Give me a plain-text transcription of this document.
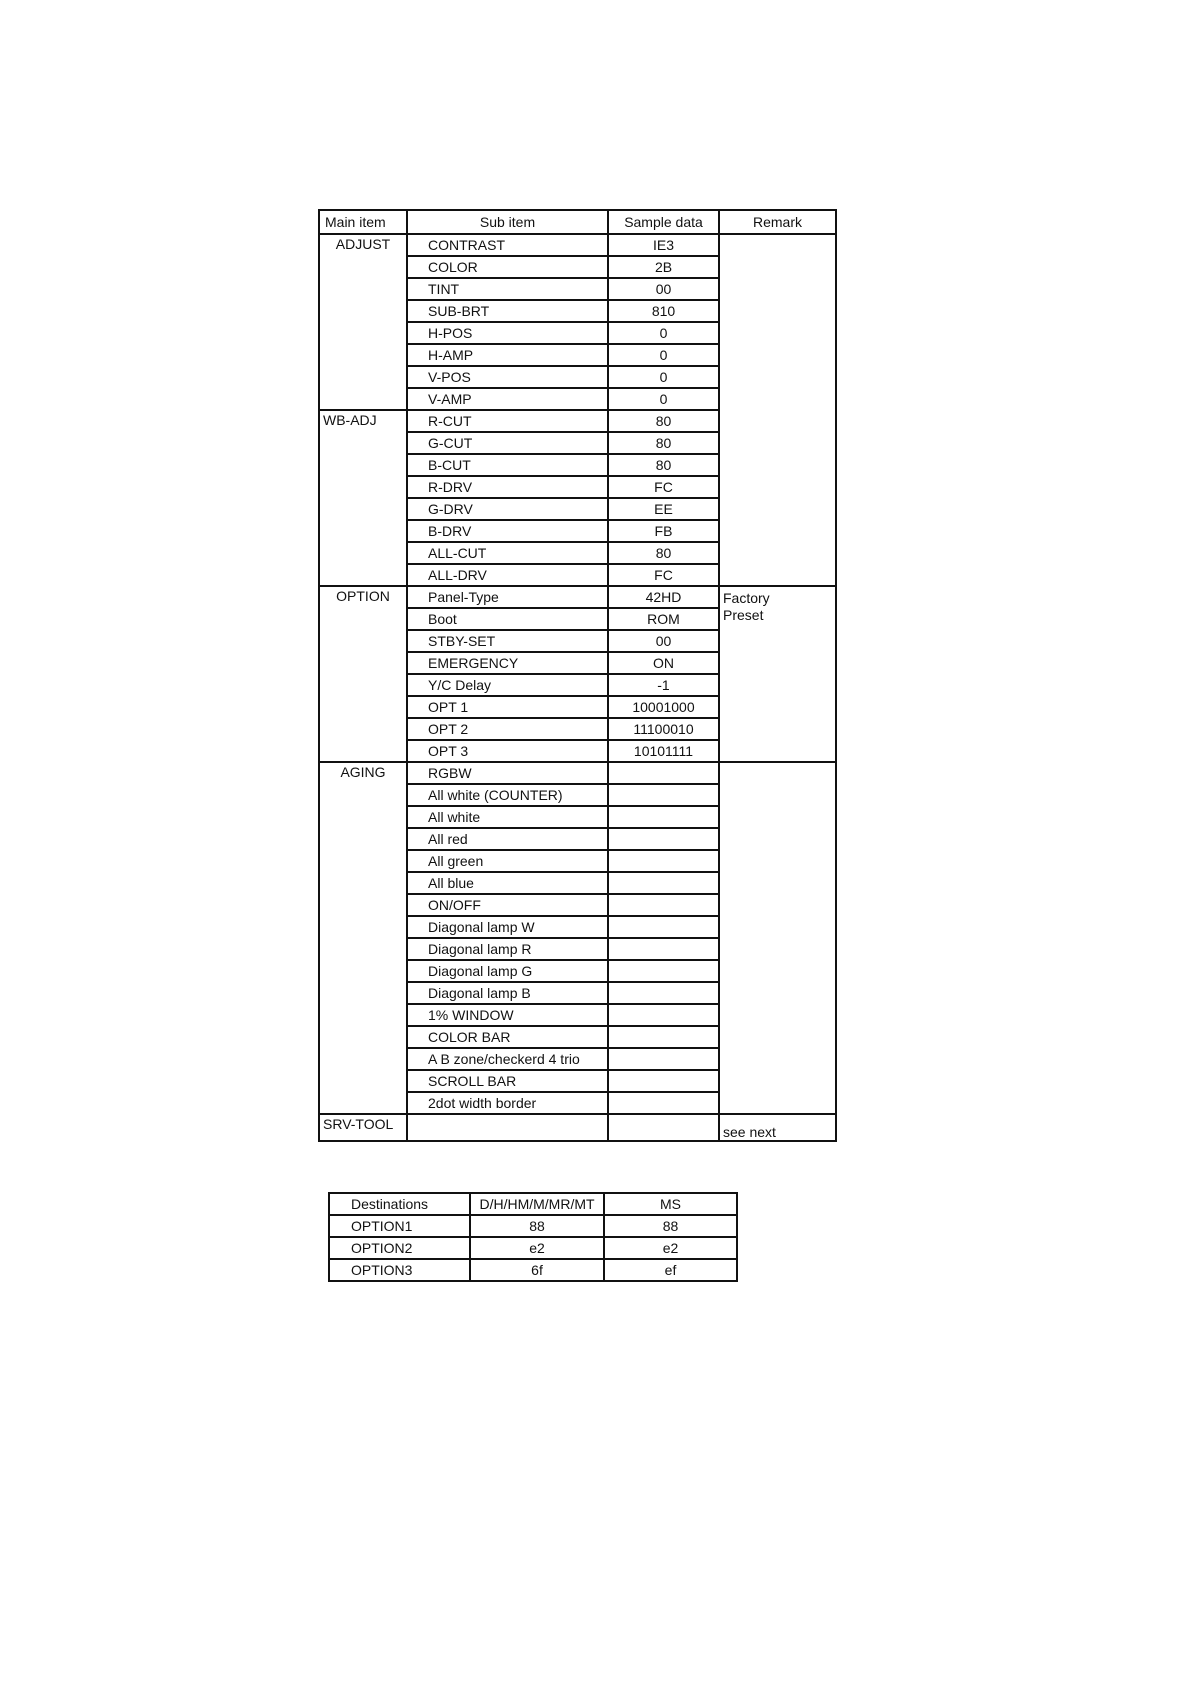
Main item	Sub item	Sample data	Remark
ADJUST	CONTRAST	IE3	
	COLOR	2B	
	TINT	00	
	SUB-BRT	810	
	H-POS	0	
	H-AMP	0	
	V-POS	0	
	V-AMP	0	
WB-ADJ	R-CUT	80	
	G-CUT	80	
	B-CUT	80	
	R-DRV	FC	
	G-DRV	EE	
	B-DRV	FB	
	ALL-CUT	80	
	ALL-DRV	FC	
OPTION	Panel-Type	42HD	Factory
Preset

	Boot	ROM	
	STBY-SET	00	
	EMERGENCY	ON	
	Y/C Delay	-1	
	OPT 1	10001000	
	OPT 2	11100010	
	OPT 3	10101111	
AGING	RGBW		
	All white (COUNTER)		
	All white		
	All red		
	All green		
	All blue		
	ON/OFF		
	Diagonal lamp W		
	Diagonal lamp R		
	Diagonal lamp G		
	Diagonal lamp B		
	1% WINDOW		
	COLOR BAR		
	A B zone/checkerd 4 trio		
	SCROLL BAR		
	2dot width border		
SRV-TOOL			see next
Destinations	D/H/HM/M/MR/MT	MS
OPTION1	88	88
OPTION2	e2	e2
OPTION3	6f	ef
